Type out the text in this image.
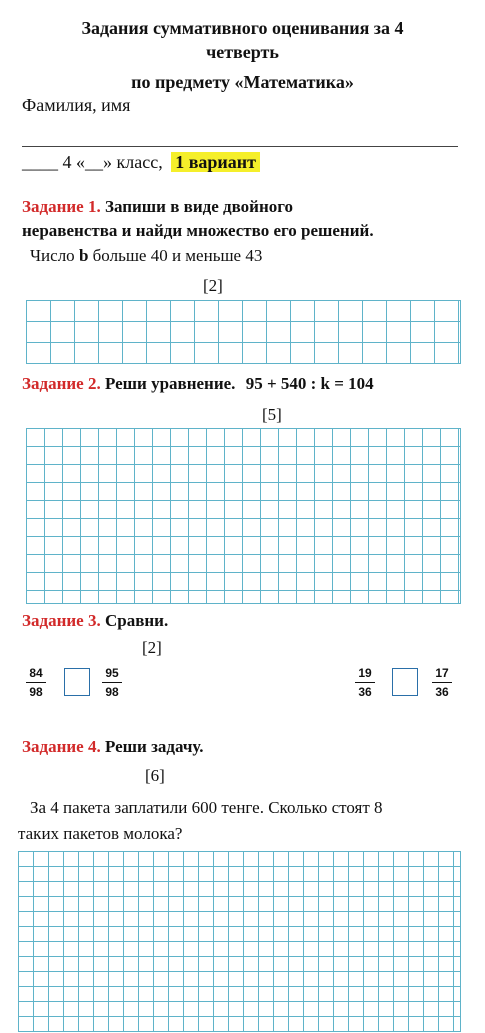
Задания суммативного оценивания за 4
четверть
по предмету «Математика»
Фамилия, имя
____ 4 «__» класс, 1 вариант
Задание 1. Запиши в виде двойного
неравенства и найди множество его решений.
Число b больше 40 и меньше 43
[2]
Задание 2. Реши уравнение. 95 + 540 : k = 104
[5]
Задание 3. Сравни.
[2]
84
98
95
98
19
36
17
36
Задание 4. Реши задачу.
[6]
За 4 пакета заплатили 600 тенге. Сколько стоят 8
таких пакетов молока?
